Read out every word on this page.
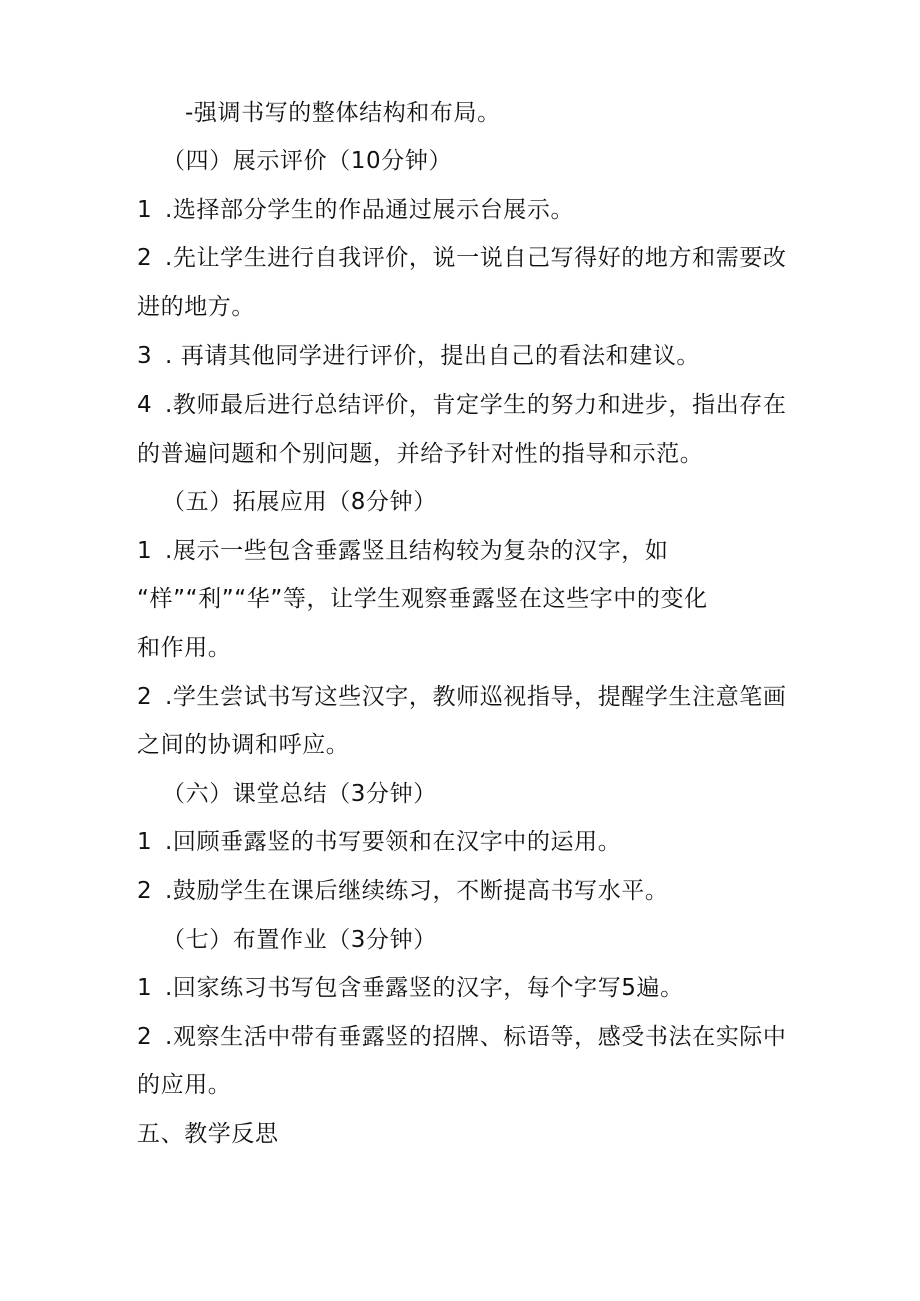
-强调书写的整体结构和布局。
（四）展示评价（10分钟）
1 .选择部分学生的作品通过展示台展示。
2 .先让学生进行自我评价，说一说自己写得好的地方和需要改
进的地方。
3 . 再请其他同学进行评价，提出自己的看法和建议。
4 .教师最后进行总结评价，肯定学生的努力和进步，指出存在
的普遍问题和个别问题，并给予针对性的指导和示范。
（五）拓展应用（8分钟）
1 .展示一些包含垂露竖且结构较为复杂的汉字，如
“样”“利”“华”等，让学生观察垂露竖在这些字中的变化
和作用。
2 .学生尝试书写这些汉字，教师巡视指导，提醒学生注意笔画
之间的协调和呼应。
（六）课堂总结（3分钟）
1 .回顾垂露竖的书写要领和在汉字中的运用。
2 .鼓励学生在课后继续练习，不断提高书写水平。
（七）布置作业（3分钟）
1 .回家练习书写包含垂露竖的汉字，每个字写5遍。
2 .观察生活中带有垂露竖的招牌、标语等，感受书法在实际中
的应用。
五、教学反思
